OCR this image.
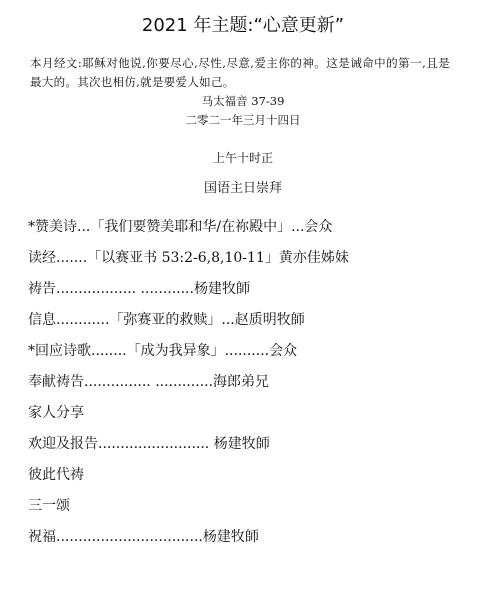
2021 年主题:“心意更新”
本月经文:耶稣对他说,你要尽心,尽性,尽意,爱主你的神。这是诫命中的第一,且是最大的。其次也相仿,就是要爱人如己。
马太福音 37-39
二零二一年三月十四日
上午十时正
国语主日崇拜
*赞美诗...「我们要赞美耶和华/在祢殿中」...会众
读经.......「以赛亚书 53:2-6,8,10-11」黄亦佳姊妹
祷告.................. ............杨建牧師
信息............「弥赛亚的救赎」...赵质明牧師
*回应诗歌........「成为我异象」..........会众
奉献祷告............... .............海郎弟兄
家人分享
欢迎及报告......................... 杨建牧師
彼此代祷
三一颂
祝福.................................杨建牧師
